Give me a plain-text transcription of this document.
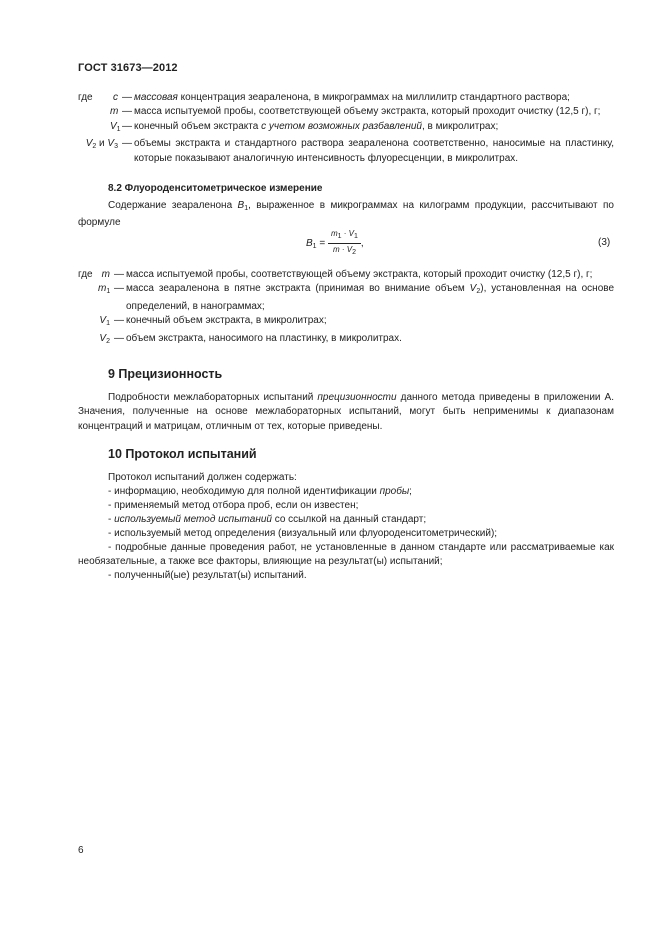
ГОСТ 31673—2012
где	c — массовая концентрация зеараленона, в микрограммах на миллилитр стандартного раствора;
m — масса испытуемой пробы, соответствующей объему экстракта, который проходит очистку (12,5 г), г;
$V_1$ — конечный объем экстракта с учетом возможных разбавлений, в микролитрах;
$V_2$ и $V_3$ — объемы экстракта и стандартного раствора зеараленона соответственно, наносимые на пластинку, которые показывают аналогичную интенсивность флуоресценции, в микролитрах.
8.2 Флуороденситометрическое измерение
Содержание зеараленона $B_1$, выраженное в микрограммах на килограмм продукции, рассчитывают по формуле
$B_1 = \frac{m1 \cdot V1}{m \cdot V2}$ ,	(3)
где m — масса испытуемой пробы, соответствующей объему экстракта, который проходит очистку (12,5 г), г;
$m_1$ — масса зеараленона в пятне экстракта (принимая во внимание объем $V_2$), установленная на основе определений, в нанограммах;
$V_1$ — конечный объем экстракта, в микролитрах;
$V_2$ — объем экстракта, наносимого на пластинку, в микролитрах.
9 Прецизионность
Подробности межлабораторных испытаний прецизионности данного метода приведены в приложении А. Значения, полученные на основе межлабораторных испытаний, могут быть неприменимы к диапазонам концентраций и матрицам, отличным от тех, которые приведены.
10 Протокол испытаний
Протокол испытаний должен содержать:
- информацию, необходимую для полной идентификации пробы;
- применяемый метод отбора проб, если он известен;
- используемый метод испытаний со ссылкой на данный стандарт;
- используемый метод определения (визуальный или флуороденситометрический);
- подробные данные проведения работ, не установленные в данном стандарте или рассматриваемые как необязательные, а также все факторы, влияющие на результат(ы) испытаний;
- полученный(ые) результат(ы) испытаний.
6
